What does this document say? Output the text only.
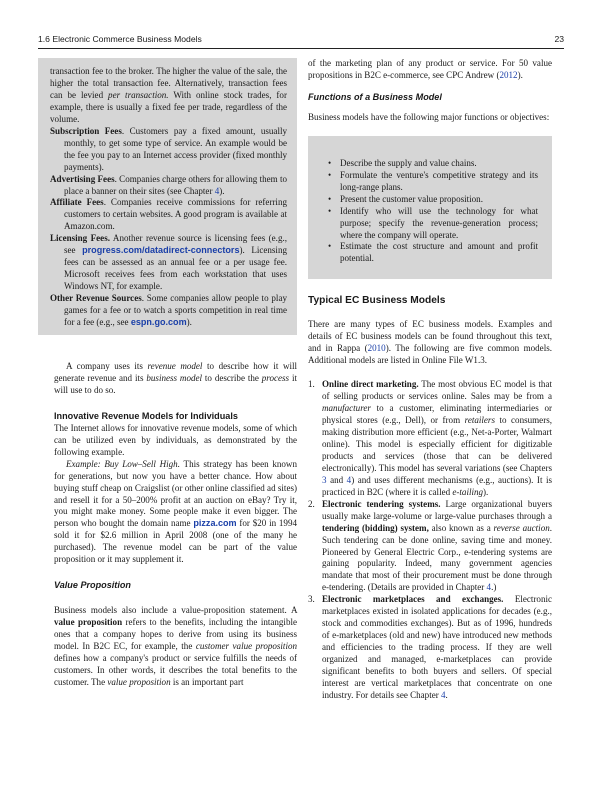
1.6 Electronic Commerce Business Models	23

transaction fee to the broker. The higher the value of the sale, the higher the total transaction fee. Alternatively, transaction fees can be levied per transaction. With online stock trades, for example, there is usually a fixed fee per trade, regardless of the volume.

Subscription Fees. Customers pay a fixed amount, usually monthly, to get some type of service. An example would be the fee you pay to an Internet access provider (fixed monthly payments).

Advertising Fees. Companies charge others for allowing them to place a banner on their sites (see Chapter 4).

Affiliate Fees. Companies receive commissions for referring customers to certain websites. A good program is available at Amazon.com.

Licensing Fees. Another revenue source is licensing fees (e.g., see progress.com/datadirect-connectors). Licensing fees can be assessed as an annual fee or a per usage fee. Microsoft receives fees from each workstation that uses Windows NT, for example.

Other Revenue Sources. Some companies allow people to play games for a fee or to watch a sports competition in real time for a fee (e.g., see espn.go.com).

A company uses its revenue model to describe how it will generate revenue and its business model to describe the process it will use to do so.

Innovative Revenue Models for Individuals

The Internet allows for innovative revenue models, some of which can be utilized even by individuals, as demonstrated by the following example.

Example: Buy Low–Sell High. This strategy has been known for generations, but now you have a better chance. How about buying stuff cheap on Craigslist (or other online classified ad sites) and resell it for a 50–200% profit at an auction on eBay? Try it, you might make money. Some people make it even bigger. The person who bought the domain name pizza.com for $20 in 1994 sold it for $2.6 million in April 2008 (one of the many he purchased). The revenue model can be part of the value proposition or it may supplement it.

Value Proposition

Business models also include a value-proposition statement. A value proposition refers to the benefits, including the intangible ones that a company hopes to derive from using its business model. In B2C EC, for example, the customer value proposition defines how a company's product or service fulfills the needs of customers. In other words, it describes the total benefits to the customer. The value proposition is an important part

of the marketing plan of any product or service. For 50 value propositions in B2C e-commerce, see CPC Andrew (2012).

Functions of a Business Model

Business models have the following major functions or objectives:

• Describe the supply and value chains.
• Formulate the venture's competitive strategy and its long-range plans.
• Present the customer value proposition.
• Identify who will use the technology for what purpose; specify the revenue-generation process; where the company will operate.
• Estimate the cost structure and amount and profit potential.
Typical EC Business Models

There are many types of EC business models. Examples and details of EC business models can be found throughout this text, and in Rappa (2010). The following are five common models. Additional models are listed in Online File W1.3.

1. Online direct marketing. The most obvious EC model is that of selling products or services online. Sales may be from a manufacturer to a customer, eliminating intermediaries or physical stores (e.g., Dell), or from retailers to consumers, making distribution more efficient (e.g., Net-a-Porter, Walmart online). This model is especially efficient for digitizable products and services (those that can be delivered electronically). This model has several variations (see Chapters 3 and 4) and uses different mechanisms (e.g., auctions). It is practiced in B2C (where it is called e-tailing).
2. Electronic tendering systems. Large organizational buyers usually make large-volume or large-value purchases through a tendering (bidding) system, also known as a reverse auction. Such tendering can be done online, saving time and money. Pioneered by General Electric Corp., e-tendering systems are gaining popularity. Indeed, many government agencies mandate that most of their procurement must be done through e-tendering. (Details are provided in Chapter 4.)
3. Electronic marketplaces and exchanges. Electronic marketplaces existed in isolated applications for decades (e.g., stock and commodities exchanges). But as of 1996, hundreds of e-marketplaces (old and new) have introduced new methods and efficiencies to the trading process. If they are well organized and managed, e-marketplaces can provide significant benefits to both buyers and sellers. Of special interest are vertical marketplaces that concentrate on one industry. For details see Chapter 4.
